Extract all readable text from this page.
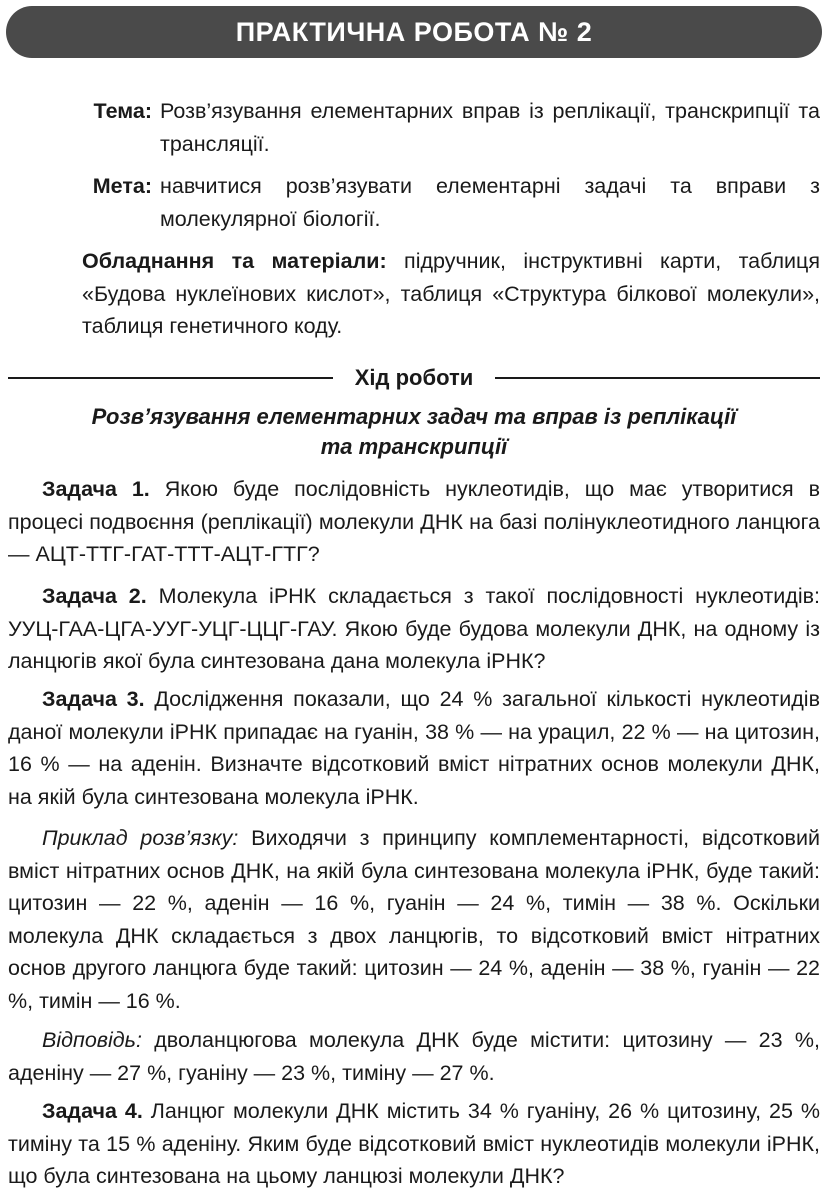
ПРАКТИЧНА РОБОТА № 2
Тема: Розв’язування елементарних вправ із реплікації, транскрипції та трансляції.

Мета: навчитися розв’язувати елементарні задачі та вправи з молекулярної біології.

Обладнання та матеріали: підручник, інструктивні карти, таблиця «Будова нуклеїнових кислот», таблиця «Структура білкової молекули», таблиця генетичного коду.

Хід роботи
Розв’язування елементарних задач та вправ із реплікації
та транскрипції

Задача 1. Якою буде послідовність нуклеотидів, що має утворитися в процесі подвоєння (реплікації) молекули ДНК на базі полінуклеотидного ланцюга — АЦТ-ТТГ-ГАТ-ТТТ-АЦТ-ГТГ?

Задача 2. Молекула іРНК складається з такої послідовності нуклеотидів: УУЦ-ГАА-ЦГА-УУГ-УЦГ-ЦЦГ-ГАУ. Якою буде будова молекули ДНК, на одному із ланцюгів якої була синтезована дана молекула іРНК?

Задача 3. Дослідження показали, що 24 % загальної кількості нуклеотидів даної молекули іРНК припадає на гуанін, 38 % — на урацил, 22 % — на цитозин, 16 % — на аденін. Визначте відсотковий вміст нітратних основ молекули ДНК, на якій була синтезована молекула іРНК.

Приклад розв’язку: Виходячи з принципу комплементарності, відсотковий вміст нітратних основ ДНК, на якій була синтезована молекула іРНК, буде такий: цитозин — 22 %, аденін — 16 %, гуанін — 24 %, тимін — 38 %. Оскільки молекула ДНК складається з двох ланцюгів, то відсотковий вміст нітратних основ другого ланцюга буде такий: цитозин — 24 %, аденін — 38 %, гуанін — 22 %, тимін — 16 %.

Відповідь: дволанцюгова молекула ДНК буде містити: цитозину — 23 %, аденіну — 27 %, гуаніну — 23 %, тиміну — 27 %.

Задача 4. Ланцюг молекули ДНК містить 34 % гуаніну, 26 % цитозину, 25 % тиміну та 15 % аденіну. Яким буде відсотковий вміст нуклеотидів молекули іРНК, що була синтезована на цьому ланцюзі молекули ДНК?
